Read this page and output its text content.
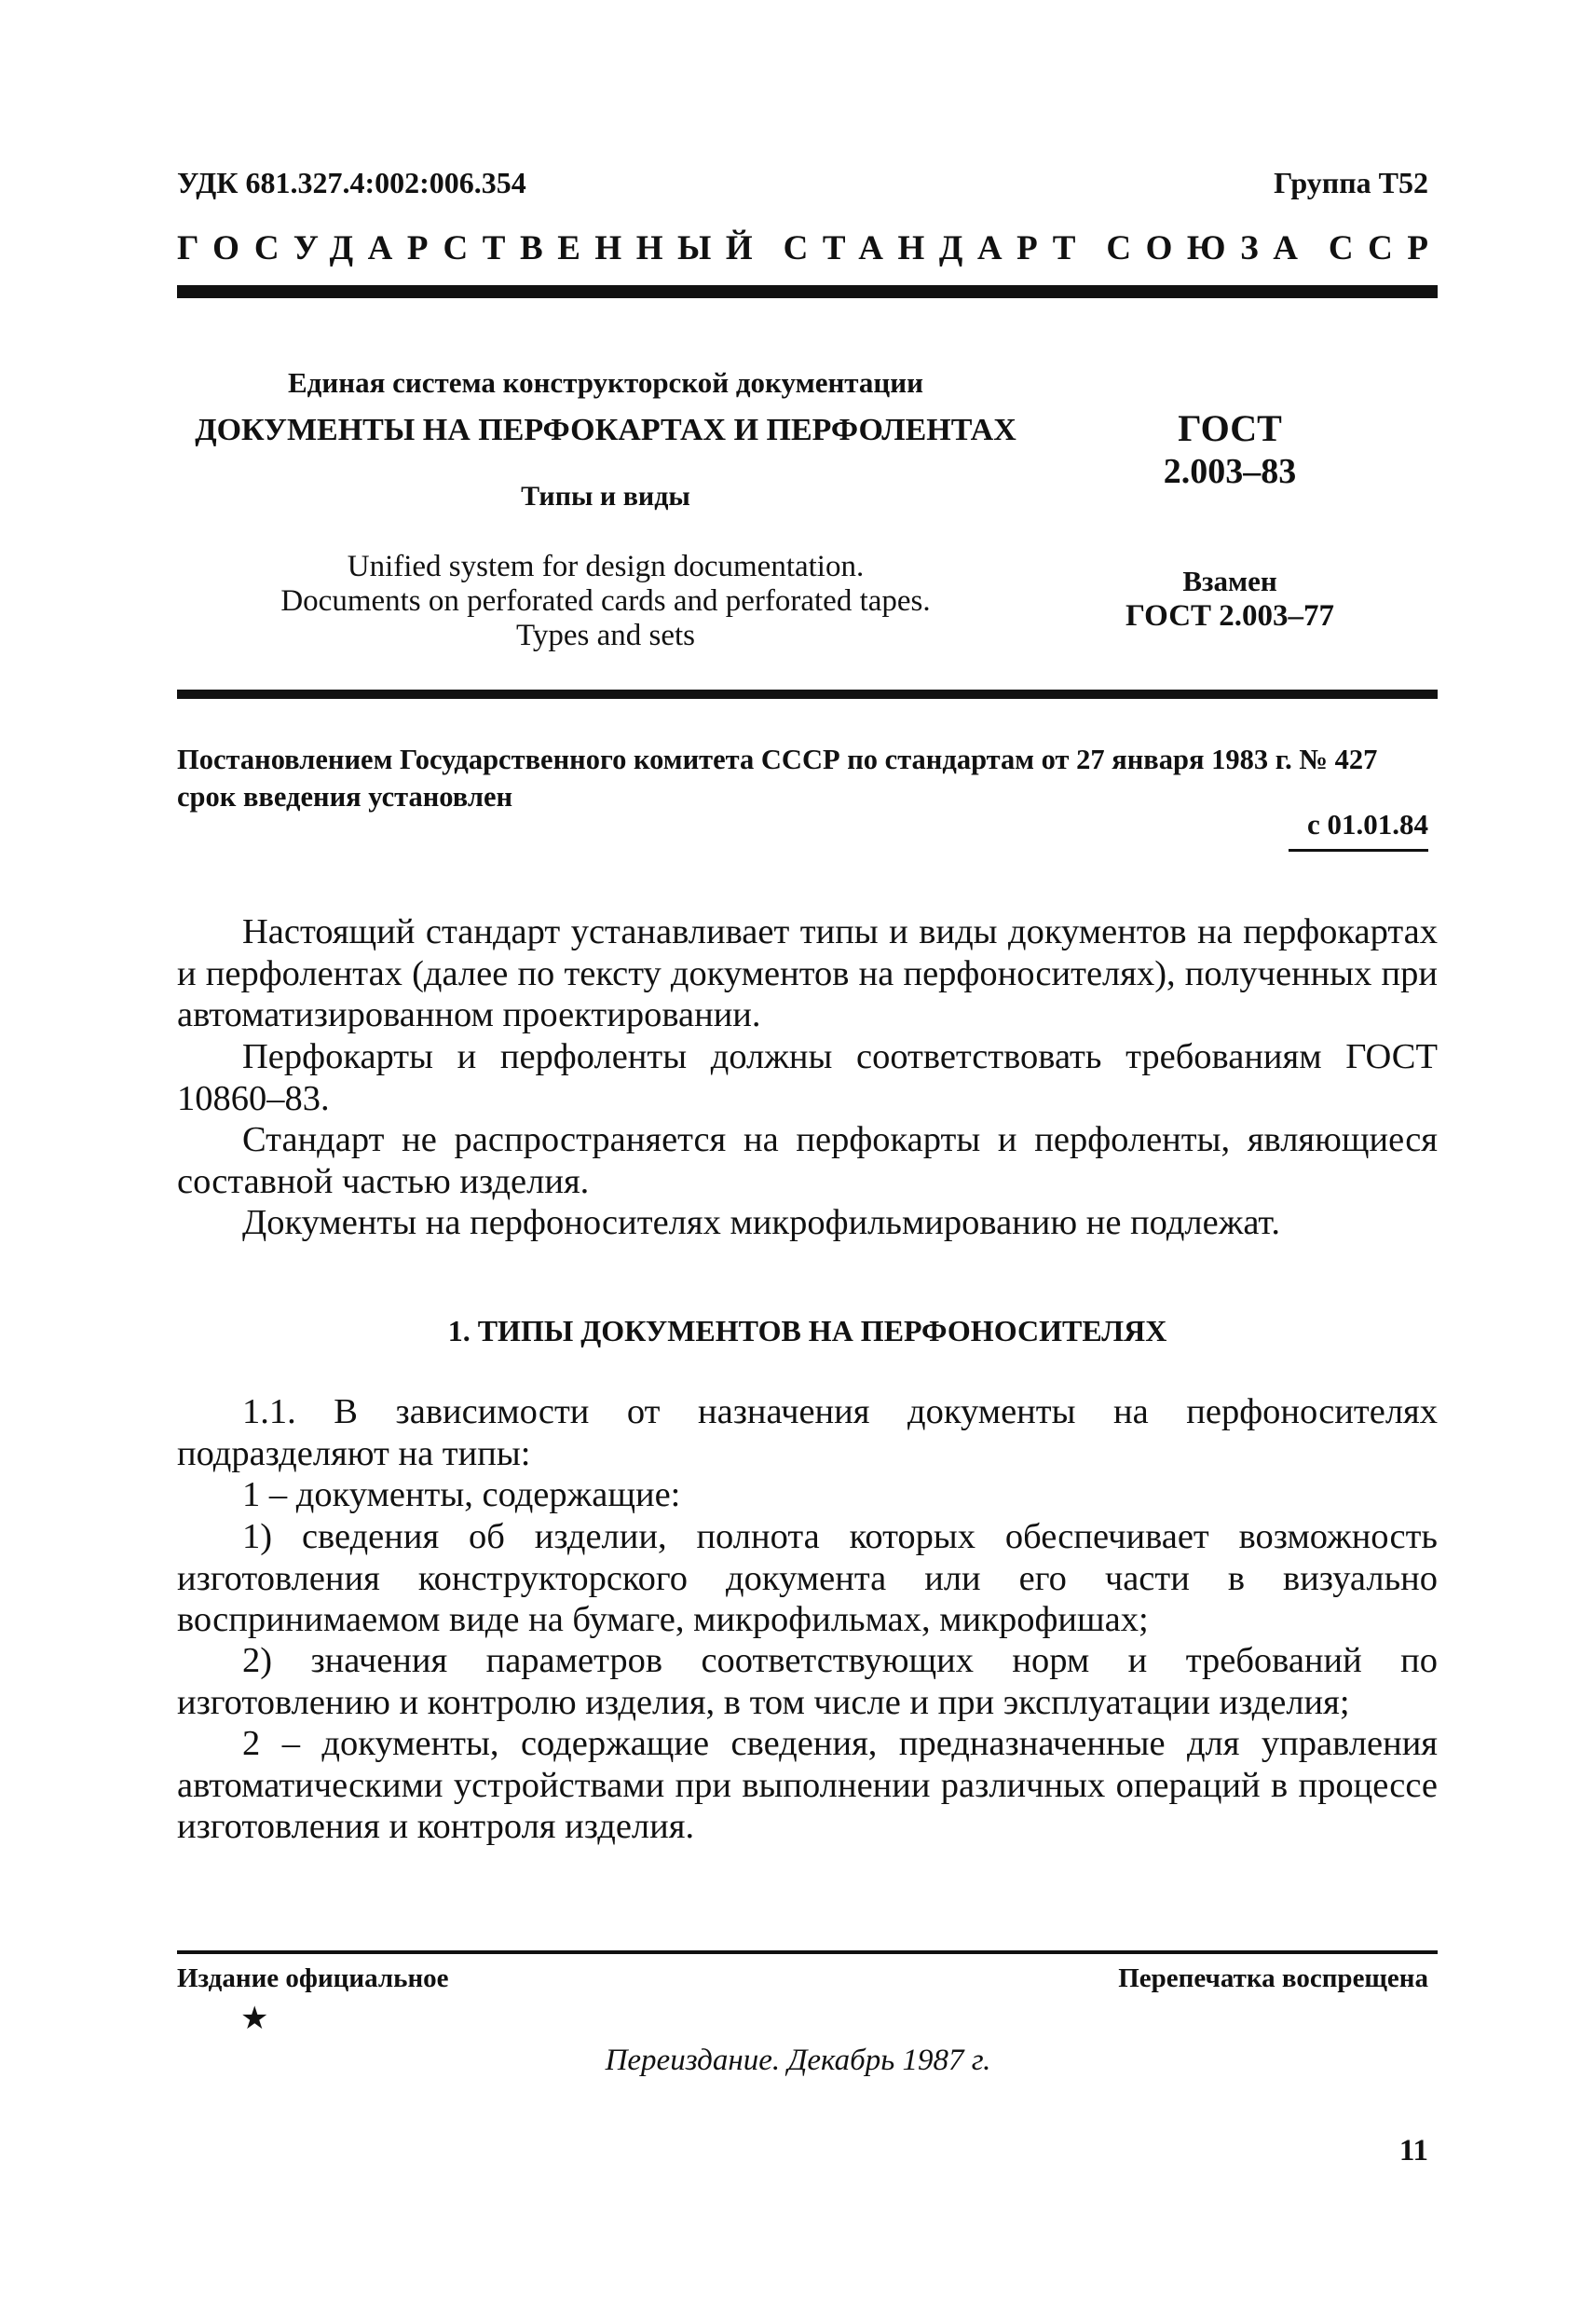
УДК 681.327.4:002:006.354	Группа Т52
ГОСУДАРСТВЕННЫЙ СТАНДАРТ СОЮЗА ССР
Единая система конструкторской документации
ДОКУМЕНТЫ НА ПЕРФОКАРТАХ И ПЕРФОЛЕНТАХ
Типы и виды
Unified system for design documentation.
Documents on perforated cards and perforated tapes.
Types and sets
ГОСТ
2.003–83
Взамен
ГОСТ 2.003–77
Постановлением Государственного комитета СССР по стандартам от 27 января 1983 г. № 427 срок введения установлен
с 01.01.84
Настоящий стандарт устанавливает типы и виды документов на перфокартах и перфолентах (далее по тексту документов на перфоносителях), полученных при автоматизированном проектировании.
Перфокарты и перфоленты должны соответствовать требованиям ГОСТ 10860–83.
Стандарт не распространяется на перфокарты и перфоленты, являющиеся составной частью изделия.
Документы на перфоносителях микрофильмированию не подлежат.
1. ТИПЫ ДОКУМЕНТОВ НА ПЕРФОНОСИТЕЛЯХ
1.1. В зависимости от назначения документы на перфоносителях подразделяют на типы:
1 – документы, содержащие:
1) сведения об изделии, полнота которых обеспечивает возможность изготовления конструкторского документа или его части в визуально воспринимаемом виде на бумаге, микрофильмах, микрофишах;
2) значения параметров соответствующих норм и требований по изготовлению и контролю изделия, в том числе и при эксплуатации изделия;
2 – документы, содержащие сведения, предназначенные для управления автоматическими устройствами при выполнении различных операций в процессе изготовления и контроля изделия.
Издание официальное
★
Перепечатка воспрещена
Переиздание. Декабрь 1987 г.
11
